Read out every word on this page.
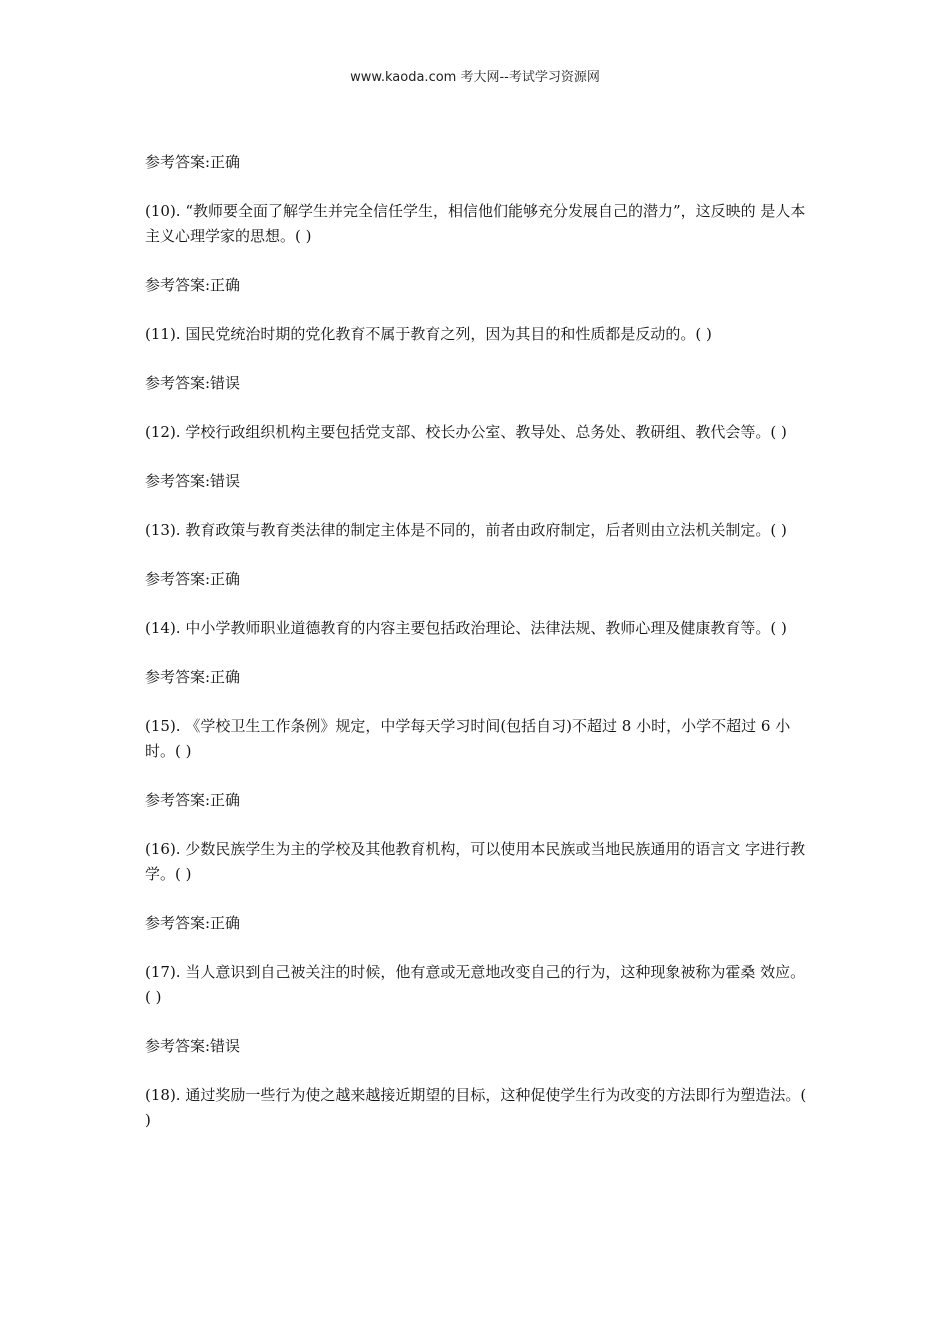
www.kaoda.com 考大网--考试学习资源网

参考答案:正确

(10). “教师要全面了解学生并完全信任学生，相信他们能够充分发展自己的潜力”，这反映的 是人本主义心理学家的思想。( )

参考答案:正确

(11). 国民党统治时期的党化教育不属于教育之列，因为其目的和性质都是反动的。( )

参考答案:错误

(12). 学校行政组织机构主要包括党支部、校长办公室、教导处、总务处、教研组、教代会等。( )

参考答案:错误

(13). 教育政策与教育类法律的制定主体是不同的，前者由政府制定，后者则由立法机关制定。( )

参考答案:正确

(14). 中小学教师职业道德教育的内容主要包括政治理论、法律法规、教师心理及健康教育等。( )

参考答案:正确

(15). 《学校卫生工作条例》规定，中学每天学习时间(包括自习)不超过 8 小时，小学不超过 6 小时。( )

参考答案:正确

(16). 少数民族学生为主的学校及其他教育机构，可以使用本民族或当地民族通用的语言文 字进行教学。( )

参考答案:正确

(17). 当人意识到自己被关注的时候，他有意或无意地改变自己的行为，这种现象被称为霍桑 效应。( )

参考答案:错误

(18). 通过奖励一些行为使之越来越接近期望的目标，这种促使学生行为改变的方法即行为塑造法。( )
